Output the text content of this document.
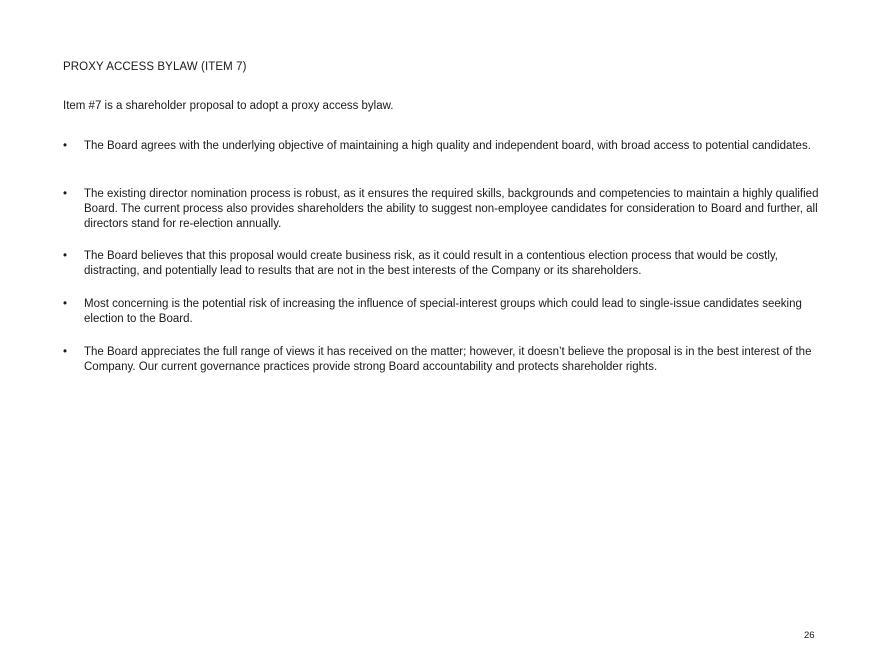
PROXY ACCESS BYLAW (ITEM 7)
Item #7 is a shareholder proposal to adopt a proxy access bylaw.
• The Board agrees with the underlying objective of maintaining a high quality and independent board, with broad access to potential candidates.
• The existing director nomination process is robust, as it ensures the required skills, backgrounds and competencies to maintain a highly qualified Board. The current process also provides shareholders the ability to suggest non-employee candidates for consideration to Board and further, all directors stand for re-election annually.
• The Board believes that this proposal would create business risk, as it could result in a contentious election process that would be costly, distracting, and potentially lead to results that are not in the best interests of the Company or its shareholders.
• Most concerning is the potential risk of increasing the influence of special-interest groups which could lead to single-issue candidates seeking election to the Board.
• The Board appreciates the full range of views it has received on the matter; however, it doesn’t believe the proposal is in the best interest of the Company. Our current governance practices provide strong Board accountability and protects shareholder rights.
26
